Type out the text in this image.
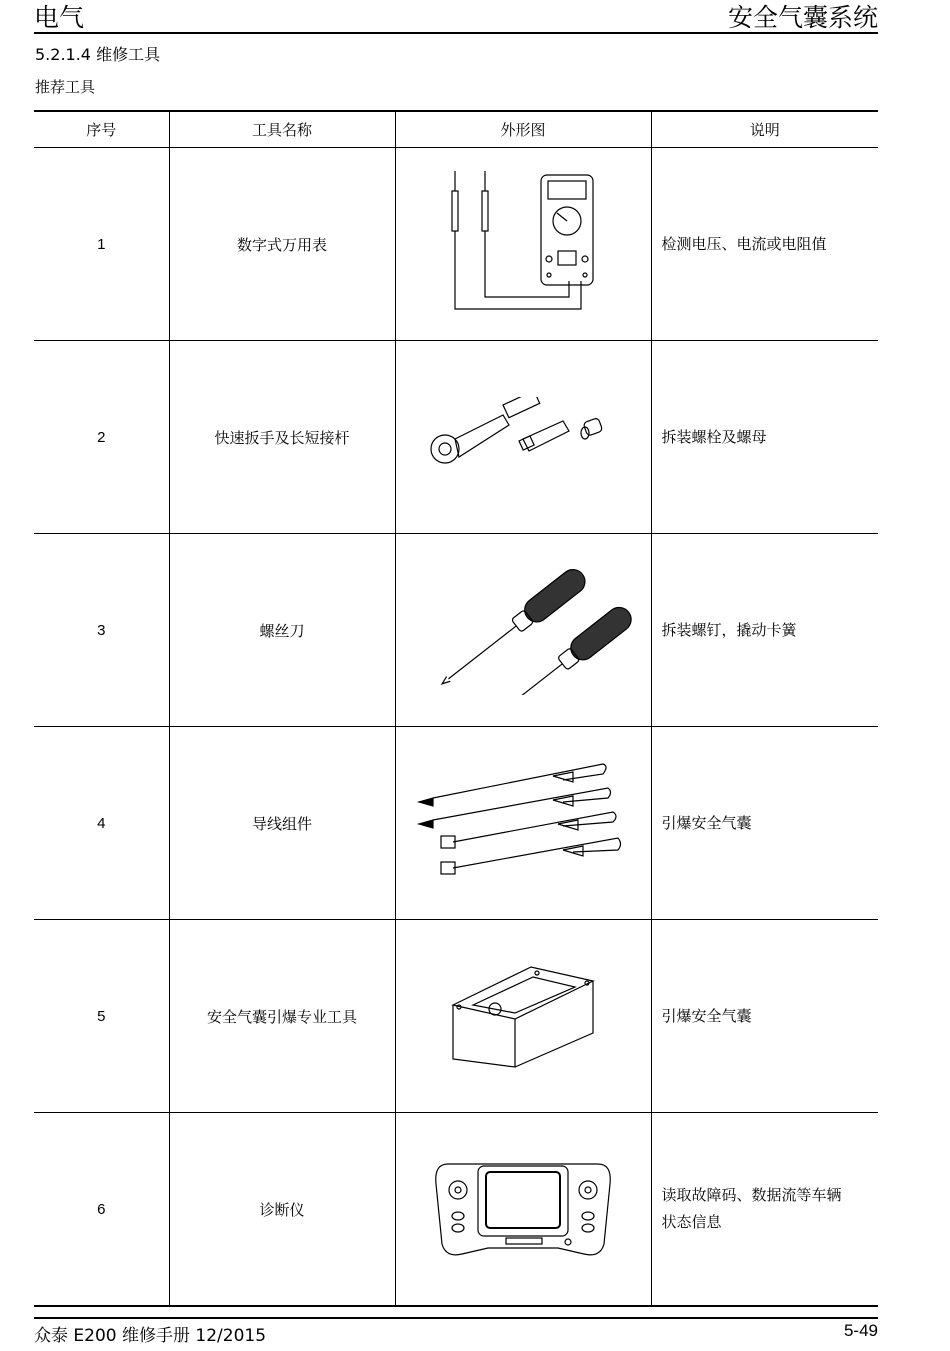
电气	安全气囊系统
5.2.1.4 维修工具
推荐工具
序号	工具名称	外形图	说明
1	数字式万用表		检测电压、电流或电阻值
2	快速扳手及长短接杆		拆装螺栓及螺母
3	螺丝刀		拆装螺钉，撬动卡簧
4	导线组件		引爆安全气囊
5	安全气囊引爆专业工具		引爆安全气囊
6	诊断仪		读取故障码、数据流等车辆
状态信息
众泰 E200 维修手册 12/2015	5-49
